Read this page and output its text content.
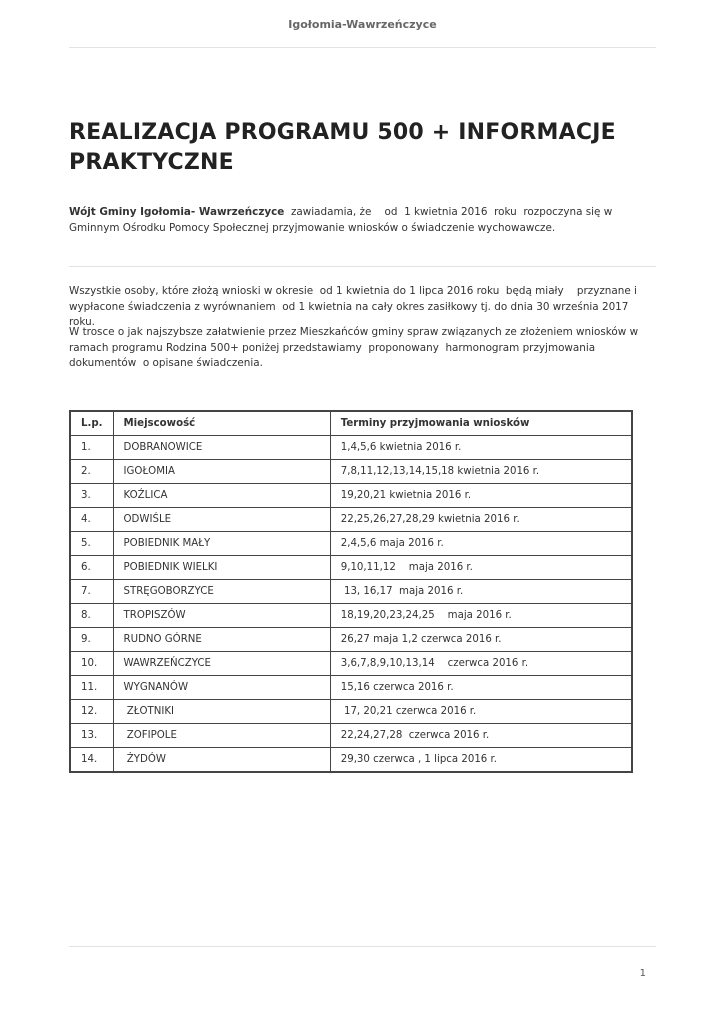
Igołomia-Wawrzeńczyce
REALIZACJA PROGRAMU 500 + INFORMACJE PRAKTYCZNE

Wójt Gminy Igołomia- Wawrzeńczyce  zawiadamia, że    od  1 kwietnia 2016  roku  rozpoczyna się w Gminnym Ośrodku Pomocy Społecznej przyjmowanie wniosków o świadczenie wychowawcze.

Wszystkie osoby, które złożą wnioski w okresie  od 1 kwietnia do 1 lipca 2016 roku  będą miały    przyznane i wypłacone świadczenia z wyrównaniem  od 1 kwietnia na cały okres zasiłkowy tj. do dnia 30 września 2017 roku.

W trosce o jak najszybsze załatwienie przez Mieszkańców gminy spraw związanych ze złożeniem wniosków w ramach programu Rodzina 500+ poniżej przedstawiamy  proponowany  harmonogram przyjmowania dokumentów  o opisane świadczenia.

L.p.	Miejscowość	Terminy przyjmowania wniosków
1.	DOBRANOWICE	1,4,5,6 kwietnia 2016 r.
2.	IGOŁOMIA	7,8,11,12,13,14,15,18 kwietnia 2016 r.
3.	KOŹLICA	19,20,21 kwietnia 2016 r.
4.	ODWIŚLE	22,25,26,27,28,29 kwietnia 2016 r.
5.	POBIEDNIK MAŁY	2,4,5,6 maja 2016 r.
6.	POBIEDNIK WIELKI	9,10,11,12    maja 2016 r.
7.	STRĘGOBORZYCE	13, 16,17  maja 2016 r.
8.	TROPISZÓW	18,19,20,23,24,25    maja 2016 r.
9.	RUDNO GÓRNE	26,27 maja 1,2 czerwca 2016 r.
10.	WAWRZEŃCZYCE	3,6,7,8,9,10,13,14    czerwca 2016 r.
11.	WYGNANÓW	15,16 czerwca 2016 r.
12.	ZŁOTNIKI	17, 20,21 czerwca 2016 r.
13.	ZOFIPOLE	22,24,27,28  czerwca 2016 r.
14.	ŻYDÓW	29,30 czerwca , 1 lipca 2016 r.
1
